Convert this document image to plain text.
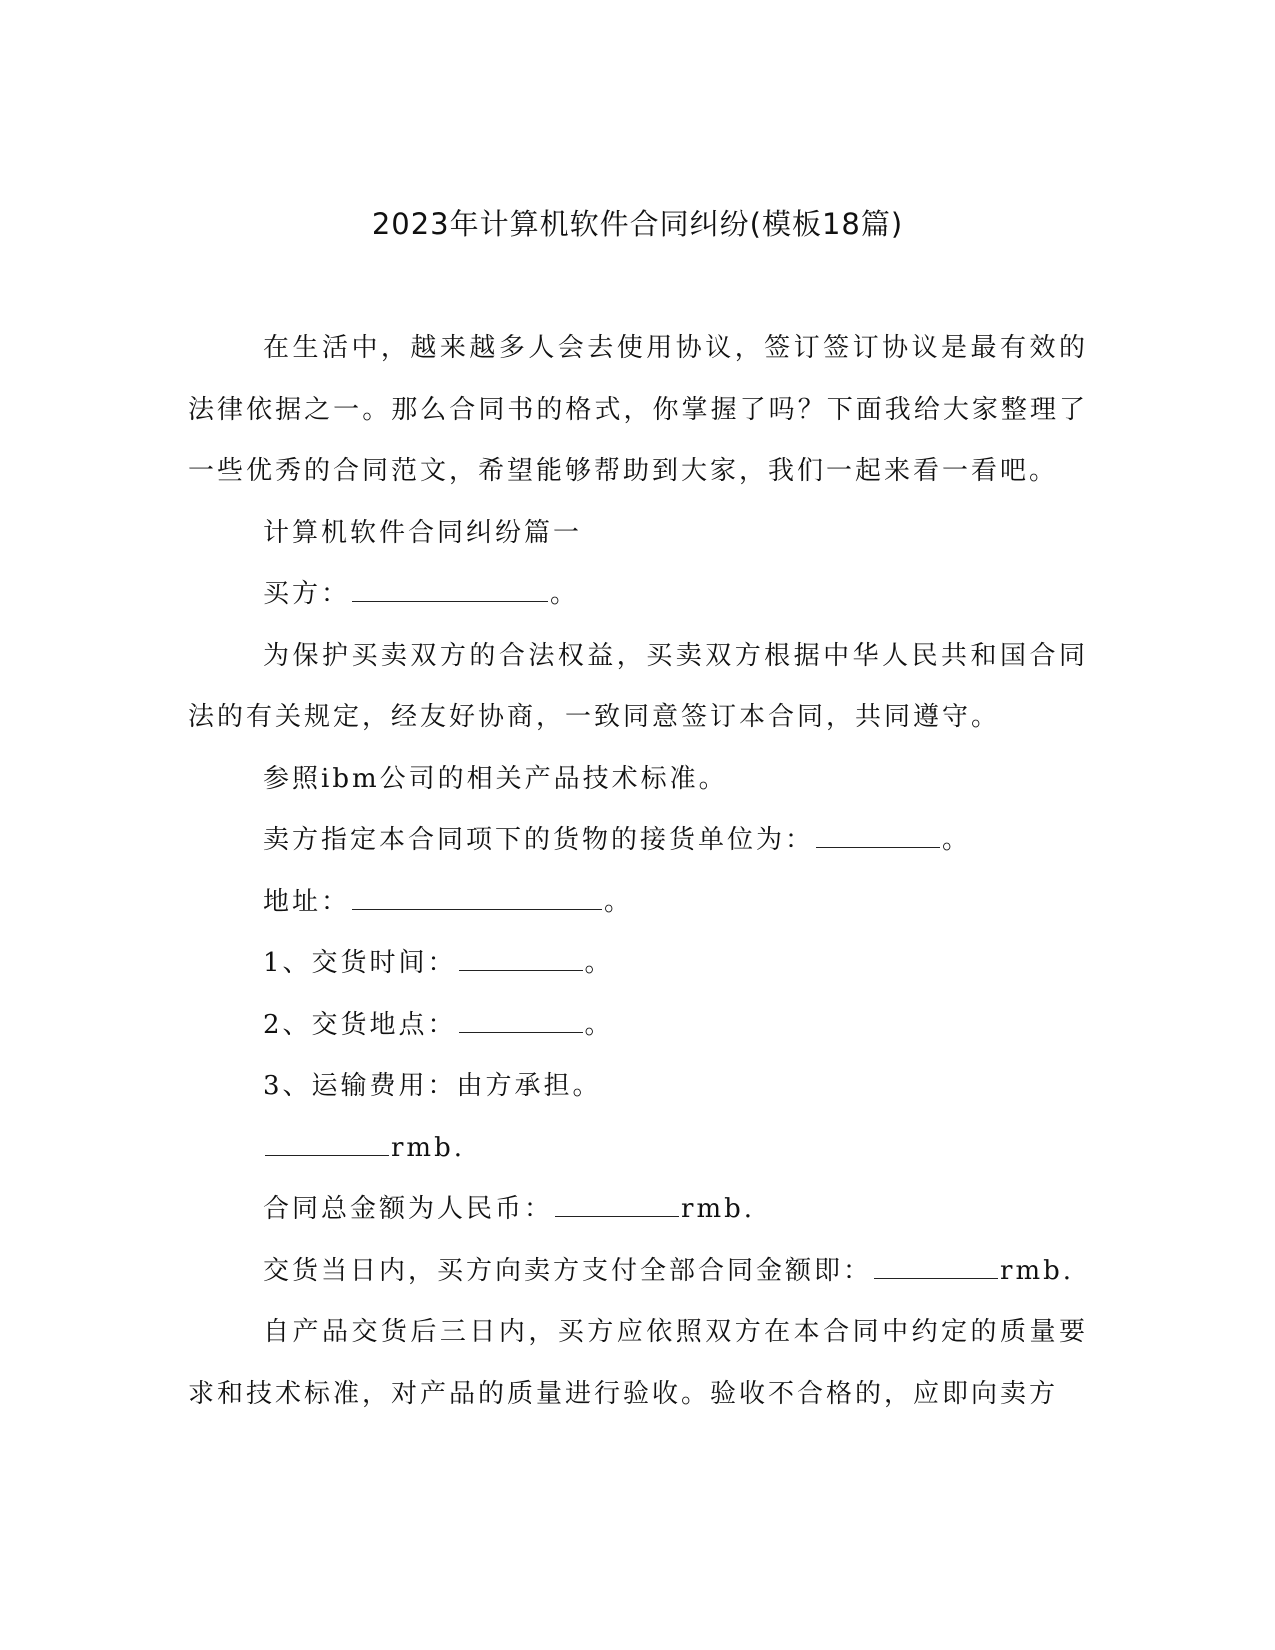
2023年计算机软件合同纠纷(模板18篇)

在生活中，越来越多人会去使用协议，签订签订协议是最有效的法律依据之一。那么合同书的格式，你掌握了吗？下面我给大家整理了一些优秀的合同范文，希望能够帮助到大家，我们一起来看一看吧。

计算机软件合同纠纷篇一

买方：	。

为保护买卖双方的合法权益，买卖双方根据中华人民共和国合同法的有关规定，经友好协商，一致同意签订本合同，共同遵守。

参照ibm公司的相关产品技术标准。

卖方指定本合同项下的货物的接货单位为：	。

地址：	。

1、交货时间：	。

2、交货地点：	。

3、运输费用：由方承担。

rmb.

合同总金额为人民币：	rmb.

交货当日内，买方向卖方支付全部合同金额即：	rmb.

自产品交货后三日内，买方应依照双方在本合同中约定的质量要求和技术标准，对产品的质量进行验收。验收不合格的，应即向卖方
